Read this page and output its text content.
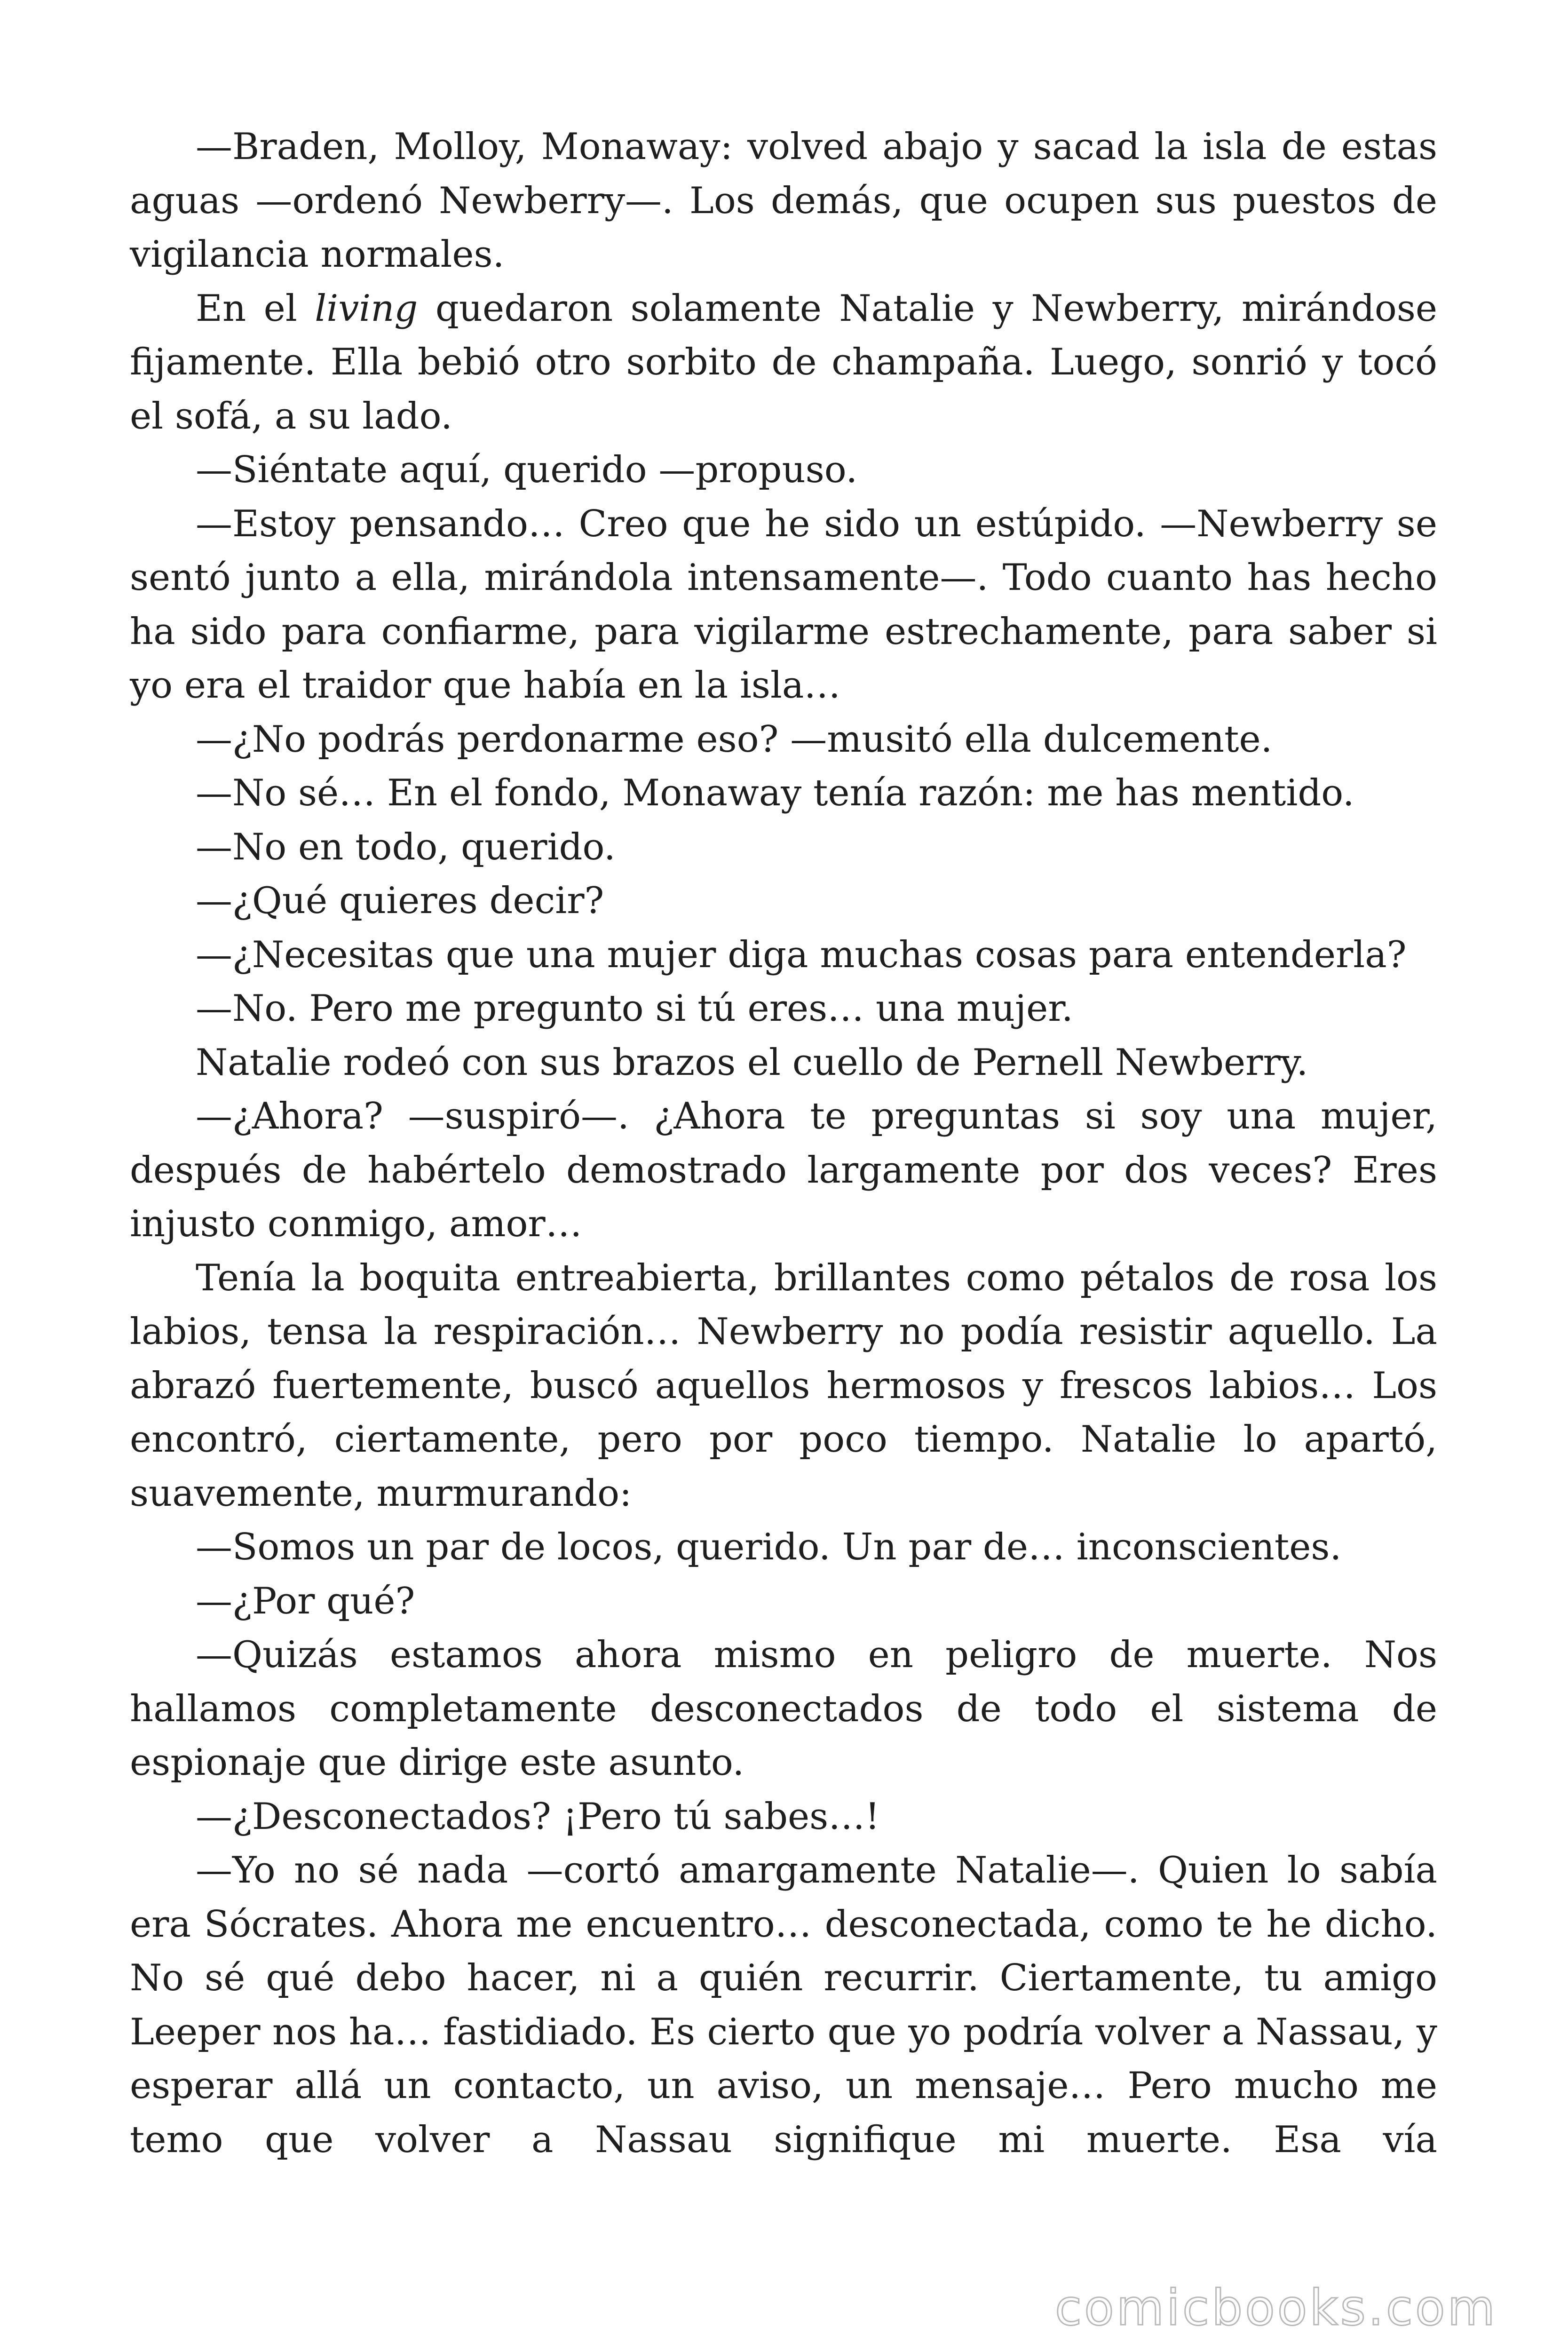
—Braden, Molloy, Monaway: volved abajo y sacad la isla de estas aguas —ordenó Newberry—. Los demás, que ocupen sus puestos de vigilancia normales.

En el living quedaron solamente Natalie y Newberry, mirándose fijamente. Ella bebió otro sorbito de champaña. Luego, sonrió y tocó el sofá, a su lado.

—Siéntate aquí, querido —propuso.

—Estoy pensando… Creo que he sido un estúpido. —Newberry se sentó junto a ella, mirándola intensamente—. Todo cuanto has hecho ha sido para confiarme, para vigilarme estrechamente, para saber si yo era el traidor que había en la isla…

—¿No podrás perdonarme eso? —musitó ella dulcemente.

—No sé… En el fondo, Monaway tenía razón: me has mentido.

—No en todo, querido.

—¿Qué quieres decir?

—¿Necesitas que una mujer diga muchas cosas para entenderla?

—No. Pero me pregunto si tú eres… una mujer.

Natalie rodeó con sus brazos el cuello de Pernell Newberry.

—¿Ahora? —suspiró—. ¿Ahora te preguntas si soy una mujer, después de habértelo demostrado largamente por dos veces? Eres injusto conmigo, amor…

Tenía la boquita entreabierta, brillantes como pétalos de rosa los labios, tensa la respiración… Newberry no podía resistir aquello. La abrazó fuertemente, buscó aquellos hermosos y frescos labios… Los encontró, ciertamente, pero por poco tiempo. Natalie lo apartó, suavemente, murmurando:

—Somos un par de locos, querido. Un par de… inconscientes.

—¿Por qué?

—Quizás estamos ahora mismo en peligro de muerte. Nos hallamos completamente desconectados de todo el sistema de espionaje que dirige este asunto.

—¿Desconectados? ¡Pero tú sabes…!

—Yo no sé nada —cortó amargamente Natalie—. Quien lo sabía era Sócrates. Ahora me encuentro… desconectada, como te he dicho. No sé qué debo hacer, ni a quién recurrir. Ciertamente, tu amigo Leeper nos ha… fastidiado. Es cierto que yo podría volver a Nassau, y esperar allá un contacto, un aviso, un mensaje… Pero mucho me temo que volver a Nassau signifique mi muerte. Esa vía

comicbooks.com
